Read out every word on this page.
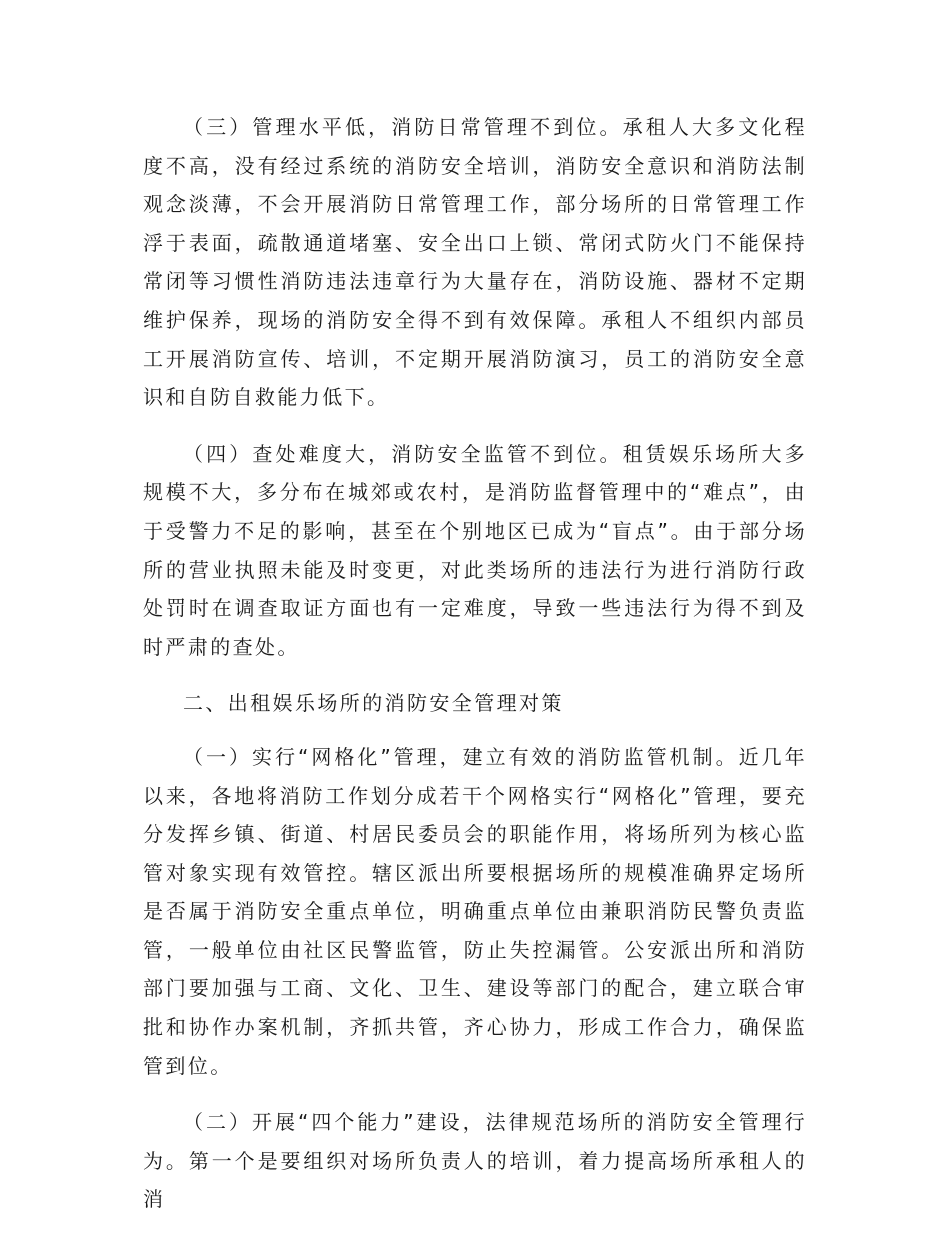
（三）管理水平低，消防日常管理不到位。承租人大多文化程度不高，没有经过系统的消防安全培训，消防安全意识和消防法制观念淡薄，不会开展消防日常管理工作，部分场所的日常管理工作浮于表面，疏散通道堵塞、安全出口上锁、常闭式防火门不能保持常闭等习惯性消防违法违章行为大量存在，消防设施、器材不定期维护保养，现场的消防安全得不到有效保障。承租人不组织内部员工开展消防宣传、培训，不定期开展消防演习，员工的消防安全意识和自防自救能力低下。

（四）查处难度大，消防安全监管不到位。租赁娱乐场所大多规模不大，多分布在城郊或农村，是消防监督管理中的“难点”，由于受警力不足的影响，甚至在个别地区已成为“盲点”。由于部分场所的营业执照未能及时变更，对此类场所的违法行为进行消防行政处罚时在调查取证方面也有一定难度，导致一些违法行为得不到及时严肃的查处。

二、出租娱乐场所的消防安全管理对策

（一）实行“网格化”管理，建立有效的消防监管机制。近几年以来，各地将消防工作划分成若干个网格实行“网格化”管理，要充分发挥乡镇、街道、村居民委员会的职能作用，将场所列为核心监管对象实现有效管控。辖区派出所要根据场所的规模准确界定场所是否属于消防安全重点单位，明确重点单位由兼职消防民警负责监管，一般单位由社区民警监管，防止失控漏管。公安派出所和消防部门要加强与工商、文化、卫生、建设等部门的配合，建立联合审批和协作办案机制，齐抓共管，齐心协力，形成工作合力，确保监管到位。

（二）开展“四个能力”建设，法律规范场所的消防安全管理行为。第一个是要组织对场所负责人的培训，着力提高场所承租人的消
